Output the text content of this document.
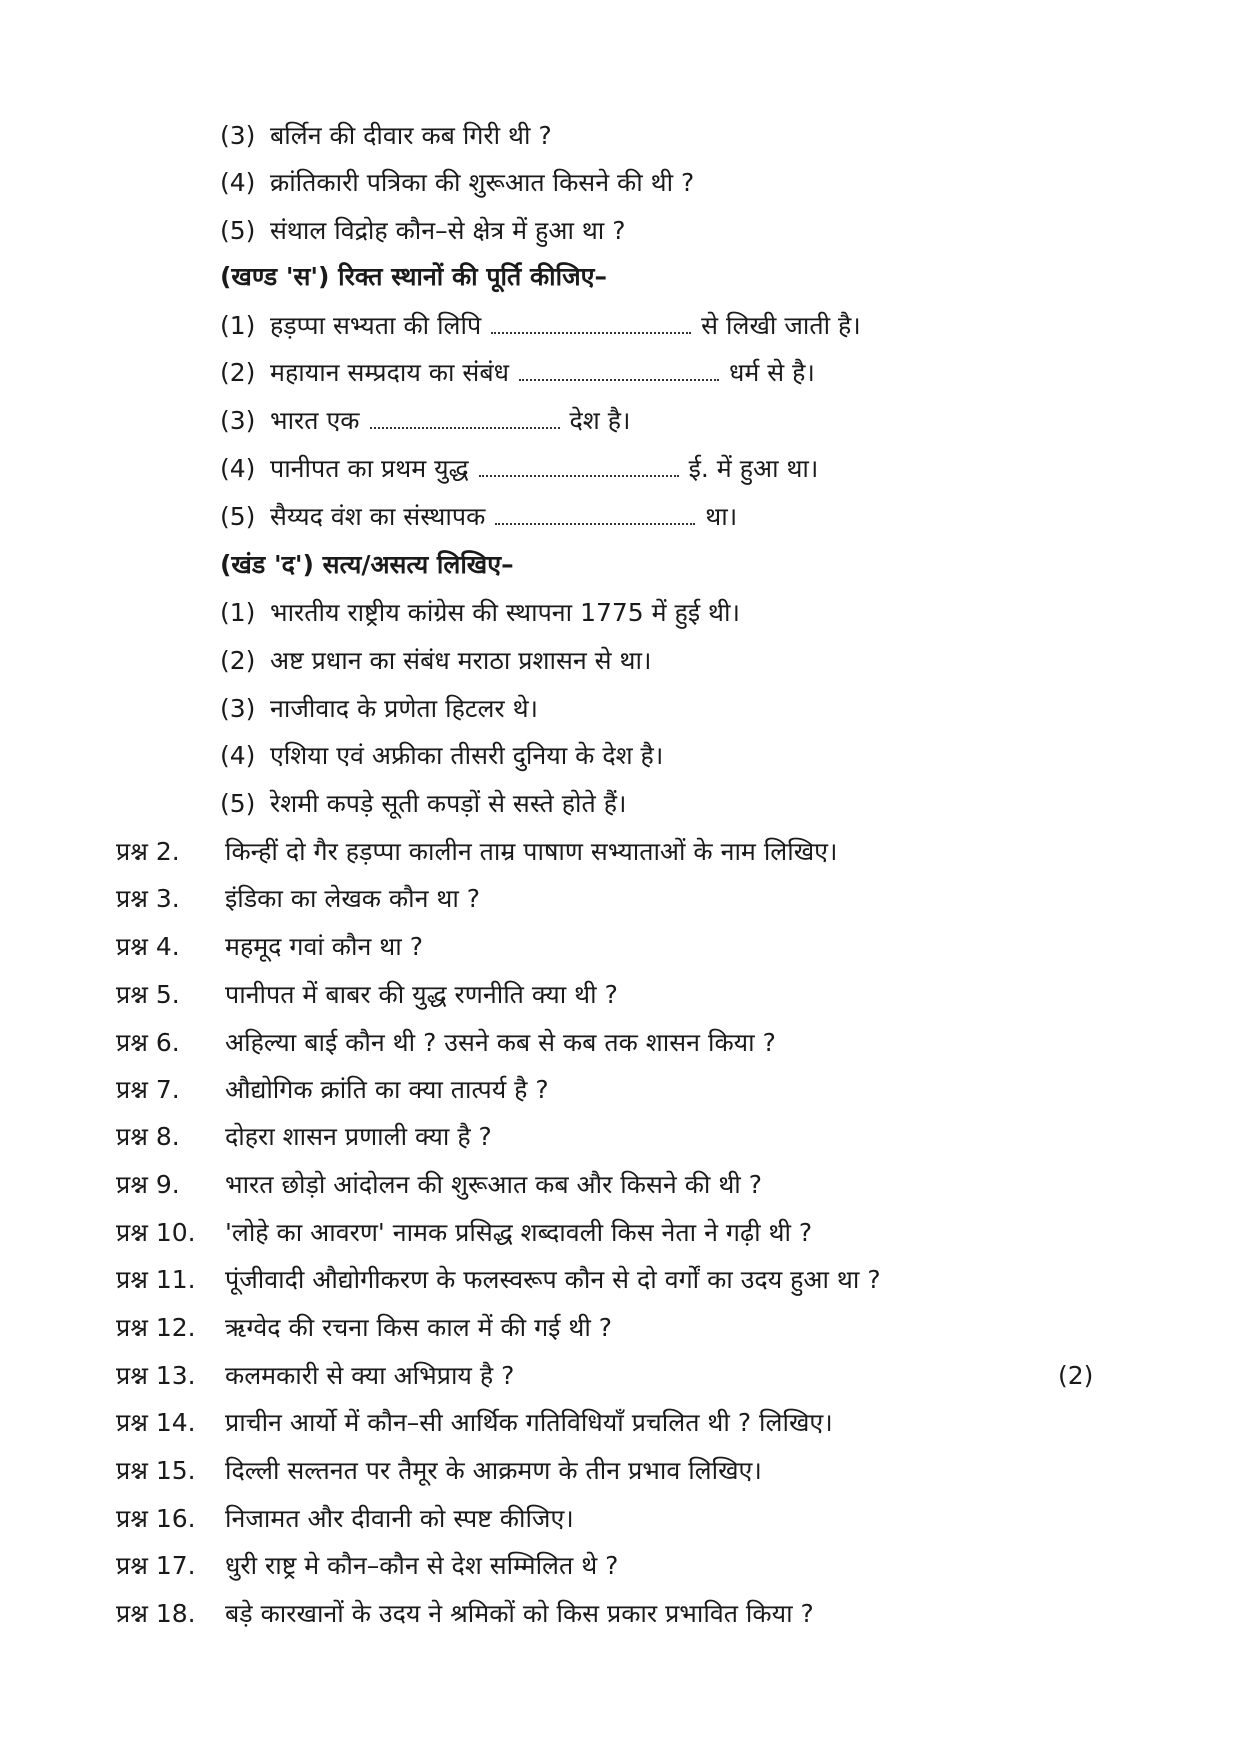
(3) बर्लिन की दीवार कब गिरी थी ?
(4) क्रांतिकारी पत्रिका की शुरूआत किसने की थी ?
(5) संथाल विद्रोह कौन–से क्षेत्र में हुआ था ?
(खण्ड 'स') रिक्त स्थानों की पूर्ति कीजिए–
(1) हड़प्पा सभ्यता की लिपि	से लिखी जाती है।
(2) महायान सम्प्रदाय का संबंध	धर्म से है।
(3) भारत एक	देश है।
(4) पानीपत का प्रथम युद्ध	ई. में हुआ था।
(5) सैय्यद वंश का संस्थापक	था।
(खंड 'द') सत्य/असत्य लिखिए–
(1) भारतीय राष्ट्रीय कांग्रेस की स्थापना 1775 में हुई थी।
(2) अष्ट प्रधान का संबंध मराठा प्रशासन से था।
(3) नाजीवाद के प्रणेता हिटलर थे।
(4) एशिया एवं अफ्रीका तीसरी दुनिया के देश है।
(5) रेशमी कपड़े सूती कपड़ों से सस्ते होते हैं।
प्रश्न 2. किन्हीं दो गैर हड़प्पा कालीन ताम्र पाषाण सभ्याताओं के नाम लिखिए।
प्रश्न 3. इंडिका का लेखक कौन था ?
प्रश्न 4. महमूद गवां कौन था ?
प्रश्न 5. पानीपत में बाबर की युद्ध रणनीति क्या थी ?
प्रश्न 6. अहिल्या बाई कौन थी ? उसने कब से कब तक शासन किया ?
प्रश्न 7. औद्योगिक क्रांति का क्या तात्पर्य है ?
प्रश्न 8. दोहरा शासन प्रणाली क्या है ?
प्रश्न 9. भारत छोड़ो आंदोलन की शुरूआत कब और किसने की थी ?
प्रश्न 10. 'लोहे का आवरण' नामक प्रसिद्ध शब्दावली किस नेता ने गढ़ी थी ?
प्रश्न 11. पूंजीवादी औद्योगीकरण के फलस्वरूप कौन से दो वर्गों का उदय हुआ था ?
प्रश्न 12. ऋग्वेद की रचना किस काल में की गई थी ?
प्रश्न 13. कलमकारी से क्या अभिप्राय है ?	(2)
प्रश्न 14. प्राचीन आर्यो में कौन–सी आर्थिक गतिविधियाँ प्रचलित थी ? लिखिए।
प्रश्न 15. दिल्ली सल्तनत पर तैमूर के आक्रमण के तीन प्रभाव लिखिए।
प्रश्न 16. निजामत और दीवानी को स्पष्ट कीजिए।
प्रश्न 17. धुरी राष्ट्र मे कौन–कौन से देश सम्मिलित थे ?
प्रश्न 18. बड़े कारखानों के उदय ने श्रमिकों को किस प्रकार प्रभावित किया ?
